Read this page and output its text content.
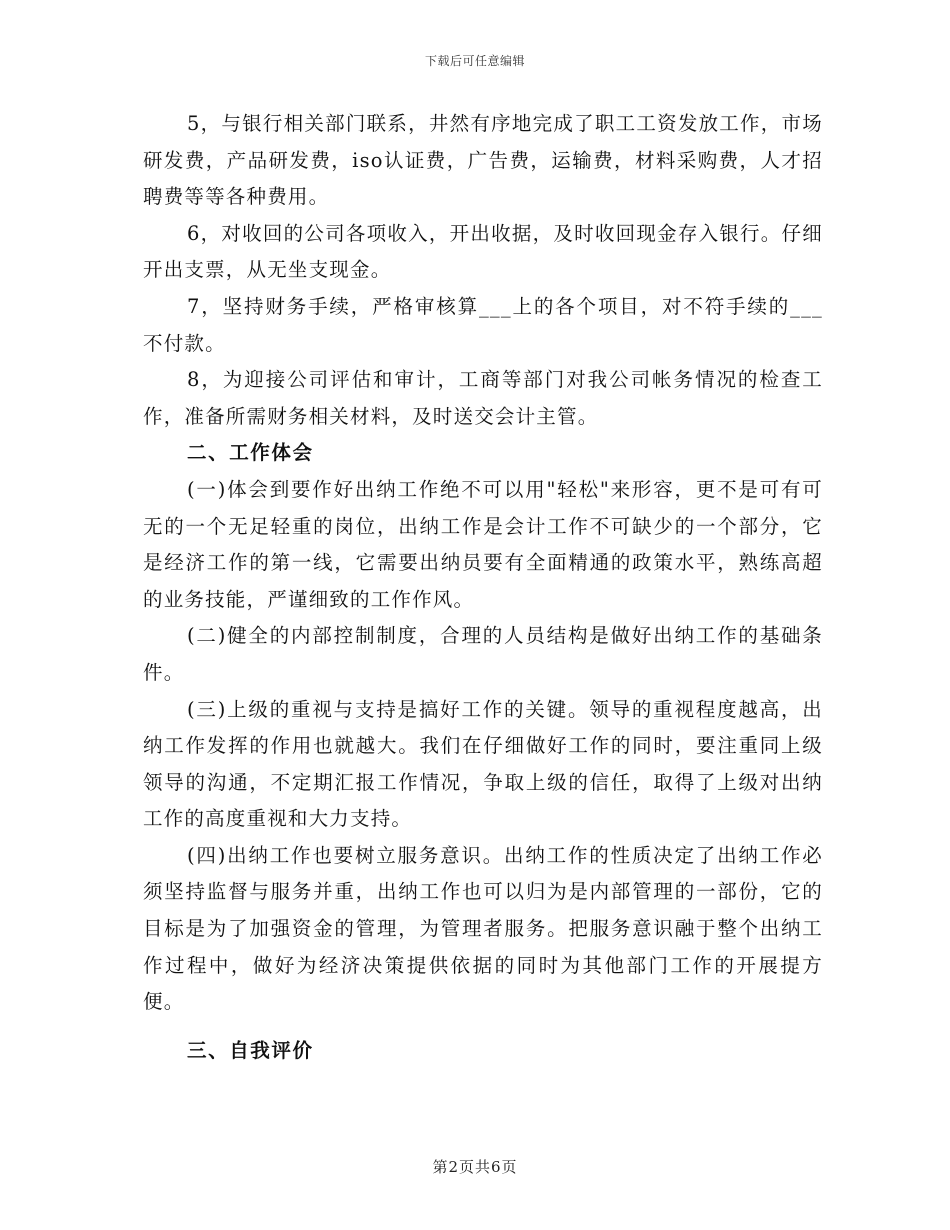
下载后可任意编辑

5，与银行相关部门联系，井然有序地完成了职工工资发放工作，市场研发费，产品研发费，iso认证费，广告费，运输费，材料采购费，人才招聘费等等各种费用。

6，对收回的公司各项收入，开出收据，及时收回现金存入银行。仔细开出支票，从无坐支现金。

7，坚持财务手续，严格审核算___上的各个项目，对不符手续的___不付款。

8，为迎接公司评估和审计，工商等部门对我公司帐务情况的检查工作，准备所需财务相关材料，及时送交会计主管。

二、工作体会

(一)体会到要作好出纳工作绝不可以用"轻松"来形容，更不是可有可无的一个无足轻重的岗位，出纳工作是会计工作不可缺少的一个部分，它是经济工作的第一线，它需要出纳员要有全面精通的政策水平，熟练高超的业务技能，严谨细致的工作作风。

(二)健全的内部控制制度，合理的人员结构是做好出纳工作的基础条件。

(三)上级的重视与支持是搞好工作的关键。领导的重视程度越高，出纳工作发挥的作用也就越大。我们在仔细做好工作的同时，要注重同上级领导的沟通，不定期汇报工作情况，争取上级的信任，取得了上级对出纳工作的高度重视和大力支持。

(四)出纳工作也要树立服务意识。出纳工作的性质决定了出纳工作必须坚持监督与服务并重，出纳工作也可以归为是内部管理的一部份，它的目标是为了加强资金的管理，为管理者服务。把服务意识融于整个出纳工作过程中，做好为经济决策提供依据的同时为其他部门工作的开展提方便。

三、自我评价

第2页共6页
